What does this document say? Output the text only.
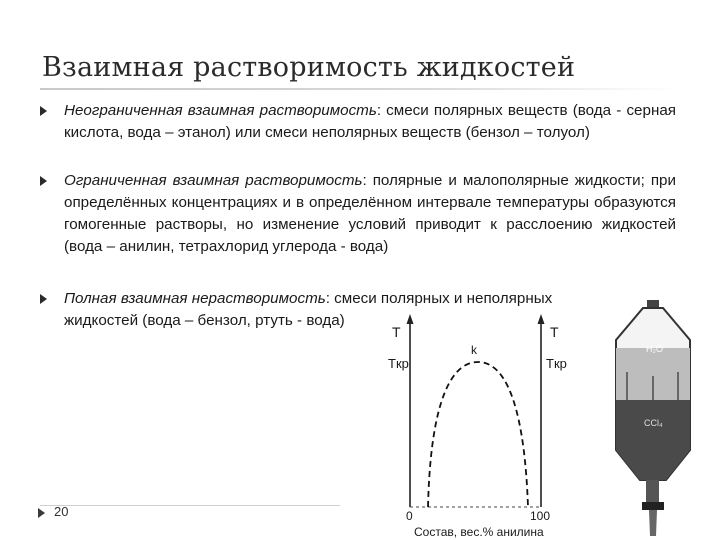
Взаимная растворимость жидкостей
Неограниченная взаимная растворимость: смеси полярных веществ (вода - серная кислота, вода – этанол) или смеси неполярных веществ (бензол – толуол)
Ограниченная взаимная растворимость: полярные и малополярные жидкости; при определённых концентрациях и в определённом интервале температуры образуются гомогенные растворы, но изменение условий приводит к расслоению жидкостей (вода – анилин, тетрахлорид углерода - вода)
Полная взаимная нерастворимость: смеси полярных и неполярных жидкостей (вода – бензол, ртуть - вода)
T
Tкр
T
Tкр
k
0	100
Состав, вес.% анилина
H₂O
CCl₄
20
